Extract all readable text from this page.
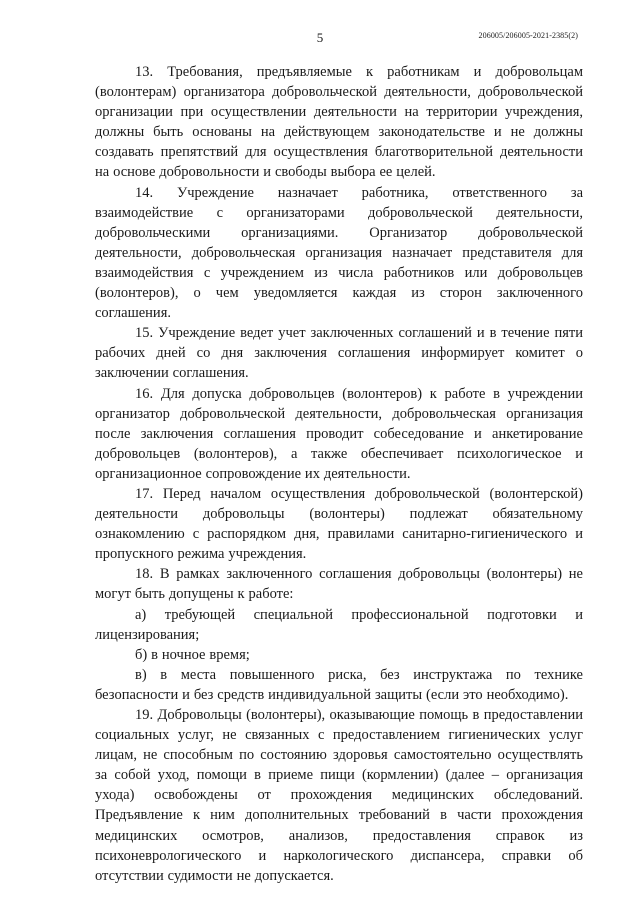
5	206005/206005-2021-2385(2)

13. Требования, предъявляемые к работникам и добровольцам (волонтерам) организатора добровольческой деятельности, добровольческой организации при осуществлении деятельности на территории учреждения, должны быть основаны на действующем законодательстве и не должны создавать препятствий для осуществления благотворительной деятельности на основе добровольности и свободы выбора ее целей.

14. Учреждение назначает работника, ответственного за взаимодействие с организаторами добровольческой деятельности, добровольческими организациями. Организатор добровольческой деятельности, добровольческая организация назначает представителя для взаимодействия с учреждением из числа работников или добровольцев (волонтеров), о чем уведомляется каждая из сторон заключенного соглашения.

15. Учреждение ведет учет заключенных соглашений и в течение пяти рабочих дней со дня заключения соглашения информирует комитет о заключении соглашения.

16. Для допуска добровольцев (волонтеров) к работе в учреждении организатор добровольческой деятельности, добровольческая организация после заключения соглашения проводит собеседование и анкетирование добровольцев (волонтеров), а также обеспечивает психологическое и организационное сопровождение их деятельности.

17. Перед началом осуществления добровольческой (волонтерской) деятельности добровольцы (волонтеры) подлежат обязательному ознакомлению с распорядком дня, правилами санитарно-гигиенического и пропускного режима учреждения.

18. В рамках заключенного соглашения добровольцы (волонтеры) не могут быть допущены к работе:

а) требующей специальной профессиональной подготовки и лицензирования;

б) в ночное время;

в) в места повышенного риска, без инструктажа по технике безопасности и без средств индивидуальной защиты (если это необходимо).

19. Добровольцы (волонтеры), оказывающие помощь в предоставлении социальных услуг, не связанных с предоставлением гигиенических услуг лицам, не способным по состоянию здоровья самостоятельно осуществлять за собой уход, помощи в приеме пищи (кормлении) (далее – организация ухода) освобождены от прохождения медицинских обследований. Предъявление к ним дополнительных требований в части прохождения медицинских осмотров, анализов, предоставления справок из психоневрологического и наркологического диспансера, справки об отсутствии судимости не допускается.
